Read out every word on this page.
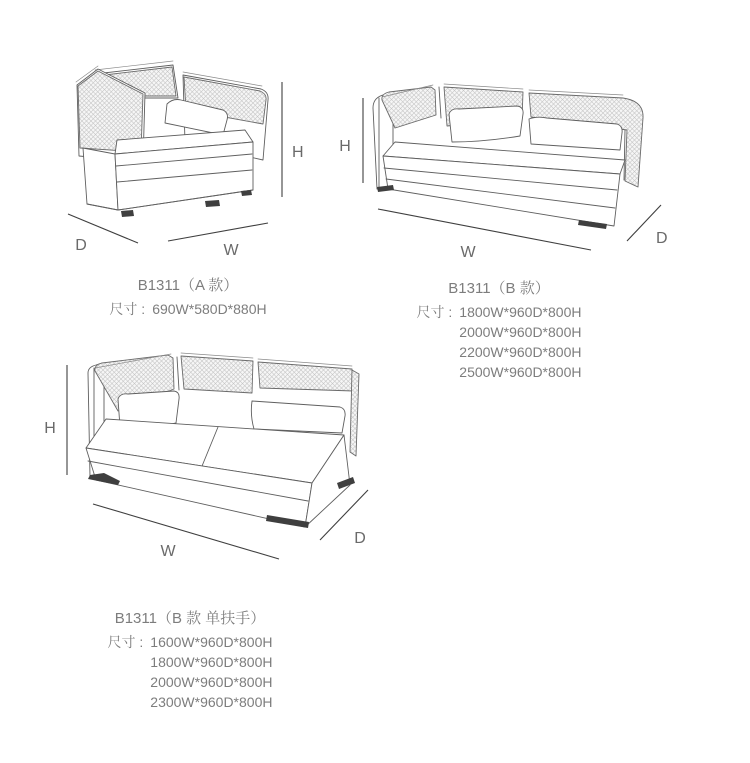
H
D	W
H
W
D
H
W
D
B1311（A 款）
尺寸 : 690W*580D*880H
B1311（B 款）
尺寸 : 1800W*960D*800H
2000W*960D*800H
2200W*960D*800H
2500W*960D*800H
B1311（B 款 单扶手）
尺寸 : 1600W*960D*800H
1800W*960D*800H
2000W*960D*800H
2300W*960D*800H
